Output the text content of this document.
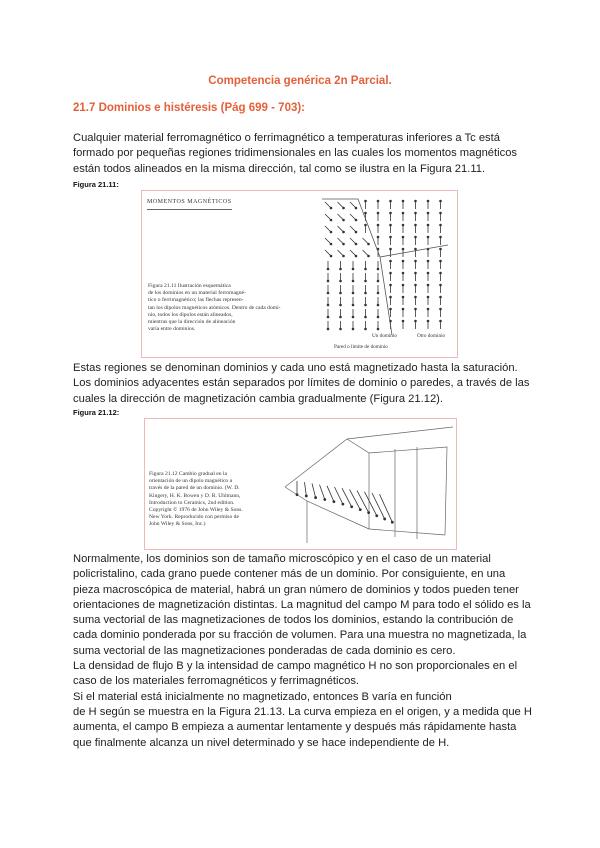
Competencia genérica 2n Parcial.
21.7 Dominios e histéresis (Pág 699 - 703):
Cualquier material ferromagnético o ferrimagnético a temperaturas inferiores a Tc está
formado por pequeñas regiones tridimensionales en las cuales los momentos magnéticos
están todos alineados en la misma dirección, tal como se ilustra en la Figura 21.11.
Figura 21.11:
MOMENTOS MAGNÉTICOS
Figura 21.11 Ilustración esquemática
de los dominios en un material ferromagné-
tico o ferrimagnético; las flechas represen-
tan los dipolos magnéticos atómicos. Dentro de cada domi-
nio, todos los dipolos están alineados,
mientras que la dirección de alineación
varía entre dominios.
Un dominio	Otro dominio
Pared o límite de dominio
Estas regiones se denominan dominios y cada uno está magnetizado hasta la saturación.
Los dominios adyacentes están separados por límites de dominio o paredes, a través de las
cuales la dirección de magnetización cambia gradualmente (Figura 21.12).
Figura 21.12:
Figura 21.12 Cambio gradual en la
orientación de un dipolo magnético a
través de la pared de un dominio. (W. D.
Kingery, H. K. Bowen y D. R. Uhlmann,
Introduction to Ceramics, 2nd edition.
Copyright © 1976 de John Wiley & Sons.
New York. Reproducido con permiso de
John Wiley & Sons, Inc.)
Normalmente, los dominios son de tamaño microscópico y en el caso de un material
policristalino, cada grano puede contener más de un dominio. Por consiguiente, en una
pieza macroscópica de material, habrá un gran número de dominios y todos pueden tener
orientaciones de magnetización distintas. La magnitud del campo M para todo el sólido es la
suma vectorial de las magnetizaciones de todos los dominios, estando la contribución de
cada dominio ponderada por su fracción de volumen. Para una muestra no magnetizada, la
suma vectorial de las magnetizaciones ponderadas de cada dominio es cero.
La densidad de flujo B y la intensidad de campo magnético H no son proporcionales en el
caso de los materiales ferromagnéticos y ferrimagnéticos.
Si el material está inicialmente no magnetizado, entonces B varía en función
de H según se muestra en la Figura 21.13. La curva empieza en el origen, y a medida que H
aumenta, el campo B empieza a aumentar lentamente y después más rápidamente hasta
que finalmente alcanza un nivel determinado y se hace independiente de H.
